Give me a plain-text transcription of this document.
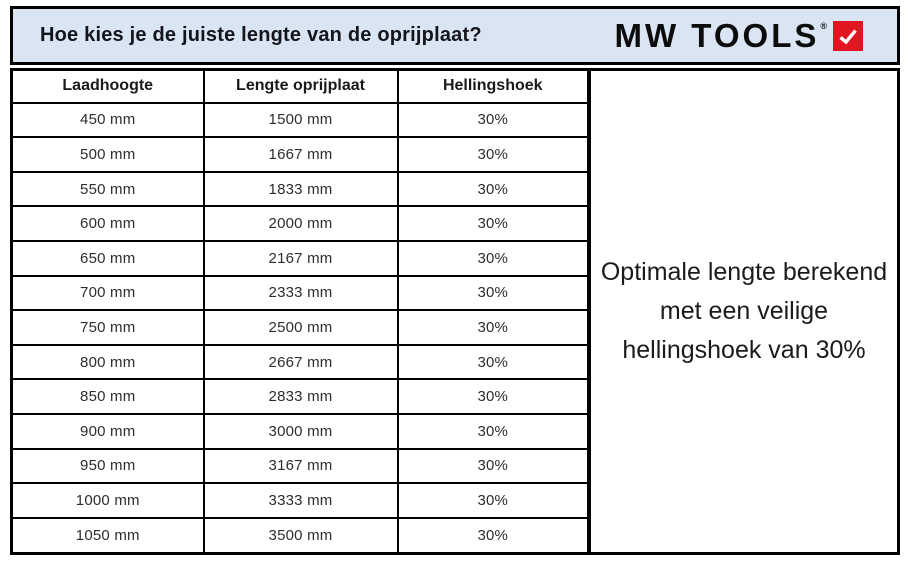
Hoe kies je de juiste lengte van de oprijplaat?	MW TOOLS ®
Laadhoogte	Lengte oprijplaat	Hellingshoek
450 mm	1500 mm	30%
500 mm	1667 mm	30%
550 mm	1833 mm	30%
600 mm	2000 mm	30%
650 mm	2167 mm	30%
700 mm	2333 mm	30%
750 mm	2500 mm	30%
800 mm	2667 mm	30%
850 mm	2833 mm	30%
900 mm	3000 mm	30%
950 mm	3167 mm	30%
1000 mm	3333 mm	30%
1050 mm	3500 mm	30%
Optimale lengte berekend
met een veilige
hellingshoek van 30%
